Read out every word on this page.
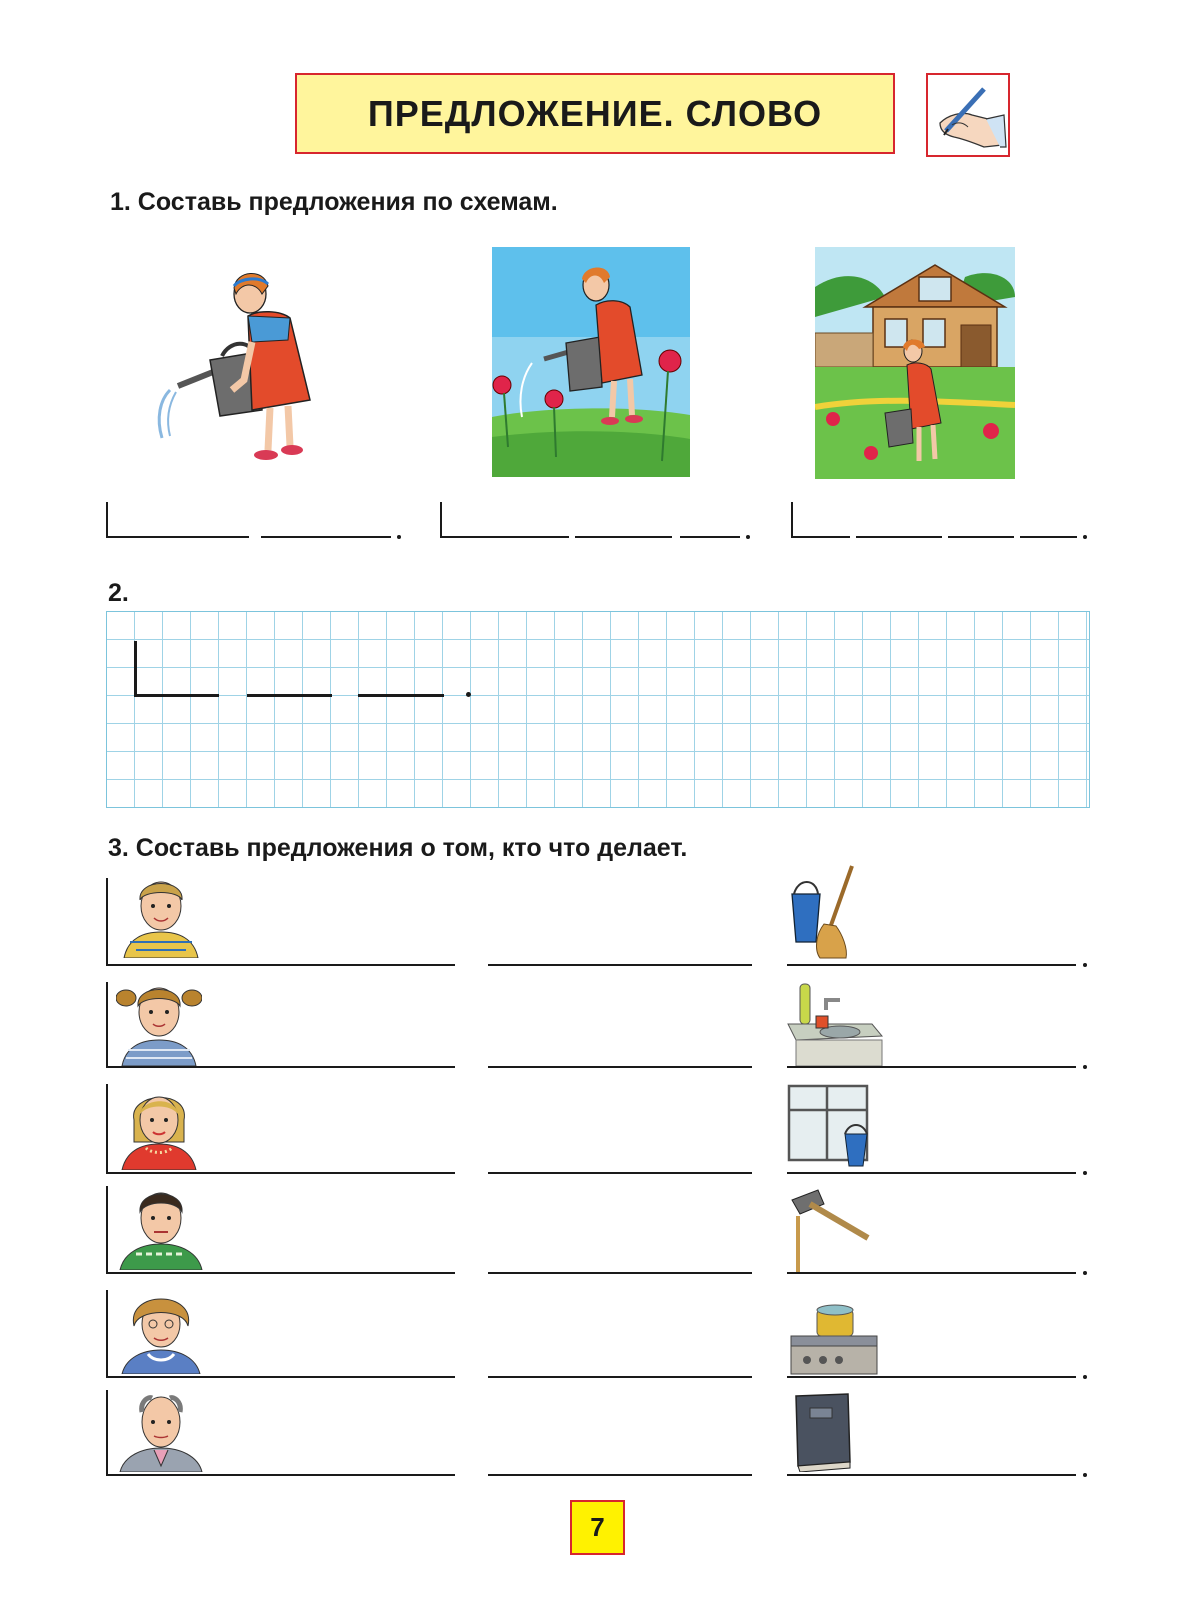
ПРЕДЛОЖЕНИЕ. СЛОВО
1. Составь предложения по схемам.
2.
3. Составь предложения о том, кто что делает.
7
